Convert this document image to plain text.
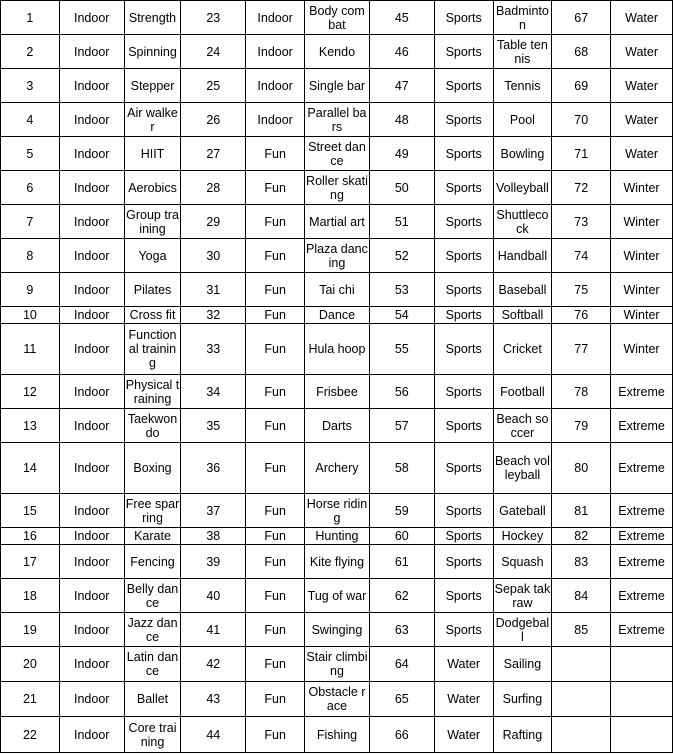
1	Indoor	Strength	23	Indoor	Body combat	45	Sports	Badminton	67	Water
2	Indoor	Spinning	24	Indoor	Kendo	46	Sports	Table tennis	68	Water
3	Indoor	Stepper	25	Indoor	Single bar	47	Sports	Tennis	69	Water
4	Indoor	Air walker	26	Indoor	Parallel bars	48	Sports	Pool	70	Water
5	Indoor	HIIT	27	Fun	Street dance	49	Sports	Bowling	71	Water
6	Indoor	Aerobics	28	Fun	Roller skating	50	Sports	Volleyball	72	Winter
7	Indoor	Group training	29	Fun	Martial art	51	Sports	Shuttlecock	73	Winter
8	Indoor	Yoga	30	Fun	Plaza dancing	52	Sports	Handball	74	Winter
9	Indoor	Pilates	31	Fun	Tai chi	53	Sports	Baseball	75	Winter
10	Indoor	Cross fit	32	Fun	Dance	54	Sports	Softball	76	Winter
11	Indoor	Functional training	33	Fun	Hula hoop	55	Sports	Cricket	77	Winter
12	Indoor	Physical training	34	Fun	Frisbee	56	Sports	Football	78	Extreme
13	Indoor	Taekwondo	35	Fun	Darts	57	Sports	Beach soccer	79	Extreme
14	Indoor	Boxing	36	Fun	Archery	58	Sports	Beach volleyball	80	Extreme
15	Indoor	Free sparring	37	Fun	Horse riding	59	Sports	Gateball	81	Extreme
16	Indoor	Karate	38	Fun	Hunting	60	Sports	Hockey	82	Extreme
17	Indoor	Fencing	39	Fun	Kite flying	61	Sports	Squash	83	Extreme
18	Indoor	Belly dance	40	Fun	Tug of war	62	Sports	Sepak takraw	84	Extreme
19	Indoor	Jazz dance	41	Fun	Swinging	63	Sports	Dodgeball	85	Extreme
20	Indoor	Latin dance	42	Fun	Stair climbing	64	Water	Sailing		
21	Indoor	Ballet	43	Fun	Obstacle race	65	Water	Surfing		
22	Indoor	Core training	44	Fun	Fishing	66	Water	Rafting		
